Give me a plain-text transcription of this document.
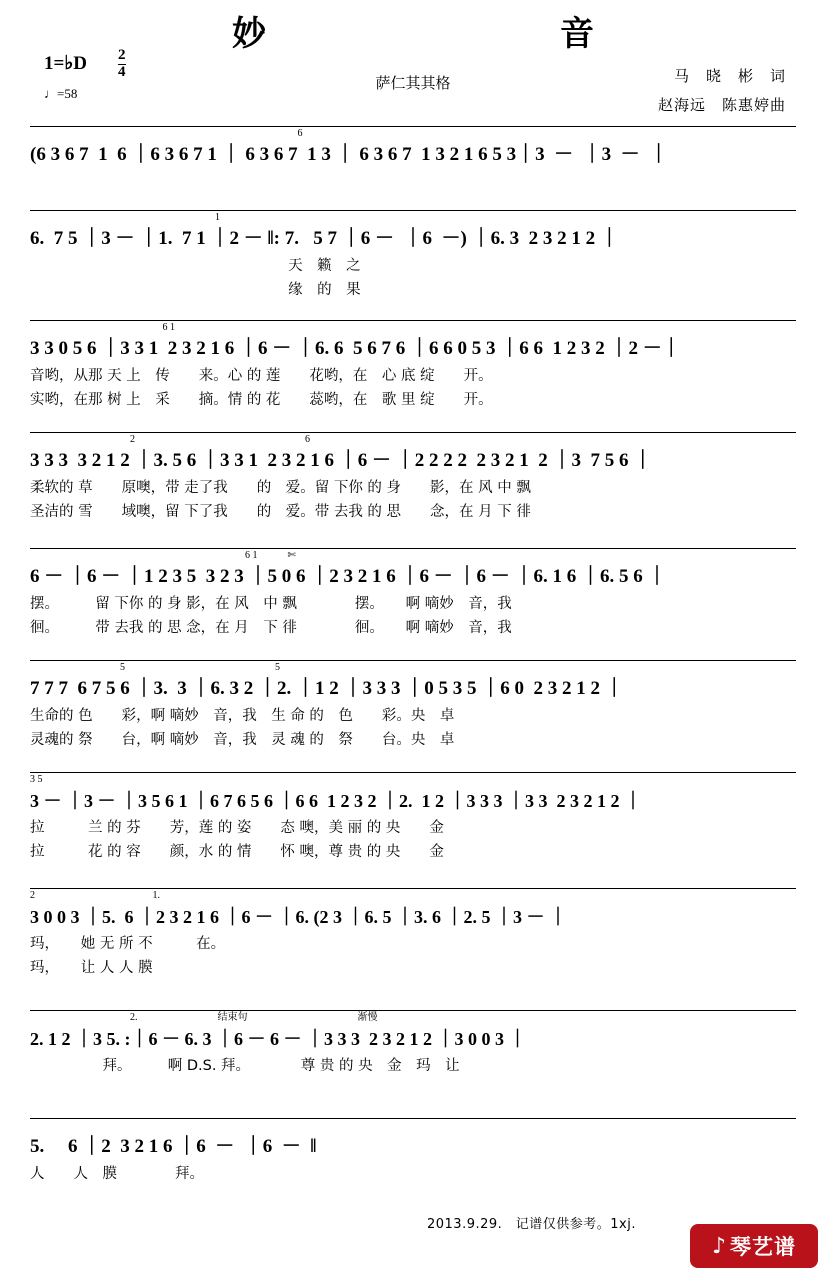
妙　　　音
1=♭D $\frac{2}{4}$
♩=58
萨仁其其格	马　晓　彬　词
赵海远　陈惠婷曲
6
(6 3 6 7  1  6 ｜6 3 6 7 1 ｜ 6 3 6 7  1 3 ｜ 6 3 6 7  1 3 2 1 6 5 3｜3  －  ｜3  －  ｜
1
6.  7 5 ｜3 － ｜1.  7 1 ｜2 － ‖: 7.   5 7 ｜6 －  ｜6  －) ｜6. 3  2 3 2 1 2 ｜
天　籁　之
缘　的　果
6 1
3 3 0 5 6 ｜3 3 1  2 3 2 1 6 ｜6 － ｜6. 6  5 6 7 6 ｜6 6 0 5 3 ｜6 6  1 2 3 2 ｜2 －｜
音哟，从那 天 上　传　　来。心 的 莲　　花哟，在　心 底 绽　　开。
实哟，在那 树 上　采　　摘。情 的 花　　蕊哟，在　歌 里 绽　　开。
2                                                                    6
3 3 3  3 2 1 2 ｜3. 5 6 ｜3 3 1  2 3 2 1 6 ｜6 － ｜2 2 2 2  2 3 2 1  2 ｜3  7 5 6 ｜
柔软的 草　　原噢，带 走了我　　的　爱。留 下你 的 身　　影，在 风 中 飘
圣洁的 雪　　域噢，留 下了我　　的　爱。带 去我 的 思　　念，在 月 下 徘
6 1            ✄
6 － ｜6 － ｜1 2 3 5  3 2 3 ｜5 0 6 ｜2 3 2 1 6 ｜6 － ｜6 － ｜6. 1 6 ｜6. 5 6 ｜
摆。　　　留 下你 的 身 影，在 风　中 飘　　　　摆。　　啊 嘀妙　音，我
徊。　　　带 去我 的 思 念，在 月　下 徘　　　　徊。　　啊 嘀妙　音，我
5                                                            5
7 7 7  6 7 5 6 ｜3.  3 ｜6. 3 2 ｜2. ｜1 2 ｜3 3 3 ｜0 5 3 5 ｜6 0  2 3 2 1 2 ｜
生命的 色　　彩，啊 嘀妙　音，我　生 命 的　色　　彩。央　卓
灵魂的 祭　　台，啊 嘀妙　音，我　灵 魂 的　祭　　台。央　卓
3 5
3 － ｜3 － ｜3 5 6 1 ｜6 7 6 5 6 ｜6 6  1 2 3 2 ｜2.  1 2 ｜3 3 3 ｜3 3  2 3 2 1 2 ｜
拉　　　兰 的 芬　　芳，莲 的 姿　　态 噢，美 丽 的 央　　金
拉　　　花 的 容　　颜，水 的 情　　怀 噢，尊 贵 的 央　　金
2                                               1.
3 0 0 3 ｜5.  6 ｜2 3 2 1 6 ｜6 － ｜6. (2 3 ｜6. 5 ｜3. 6 ｜2. 5 ｜3 － ｜
玛，　　她 无 所 不　　　在。
玛，　　让 人 人 膜
2.                                结束句                                            渐慢
2. 1 2 ｜3 5. :｜6 － 6. 3 ｜6 － 6 － ｜3 3 3  2 3 2 1 2 ｜3 0 0 3 ｜
　　　　　拜。　　　啊 D.S. 拜。　　　　尊 贵 的 央　金　玛　让
5.     6 ｜2  3 2 1 6 ｜6  －  ｜6  －  ‖
人　　人　膜　　　　拜。
2013.9.29.　记谱仅供参考。1xj.
♪ 琴艺谱
